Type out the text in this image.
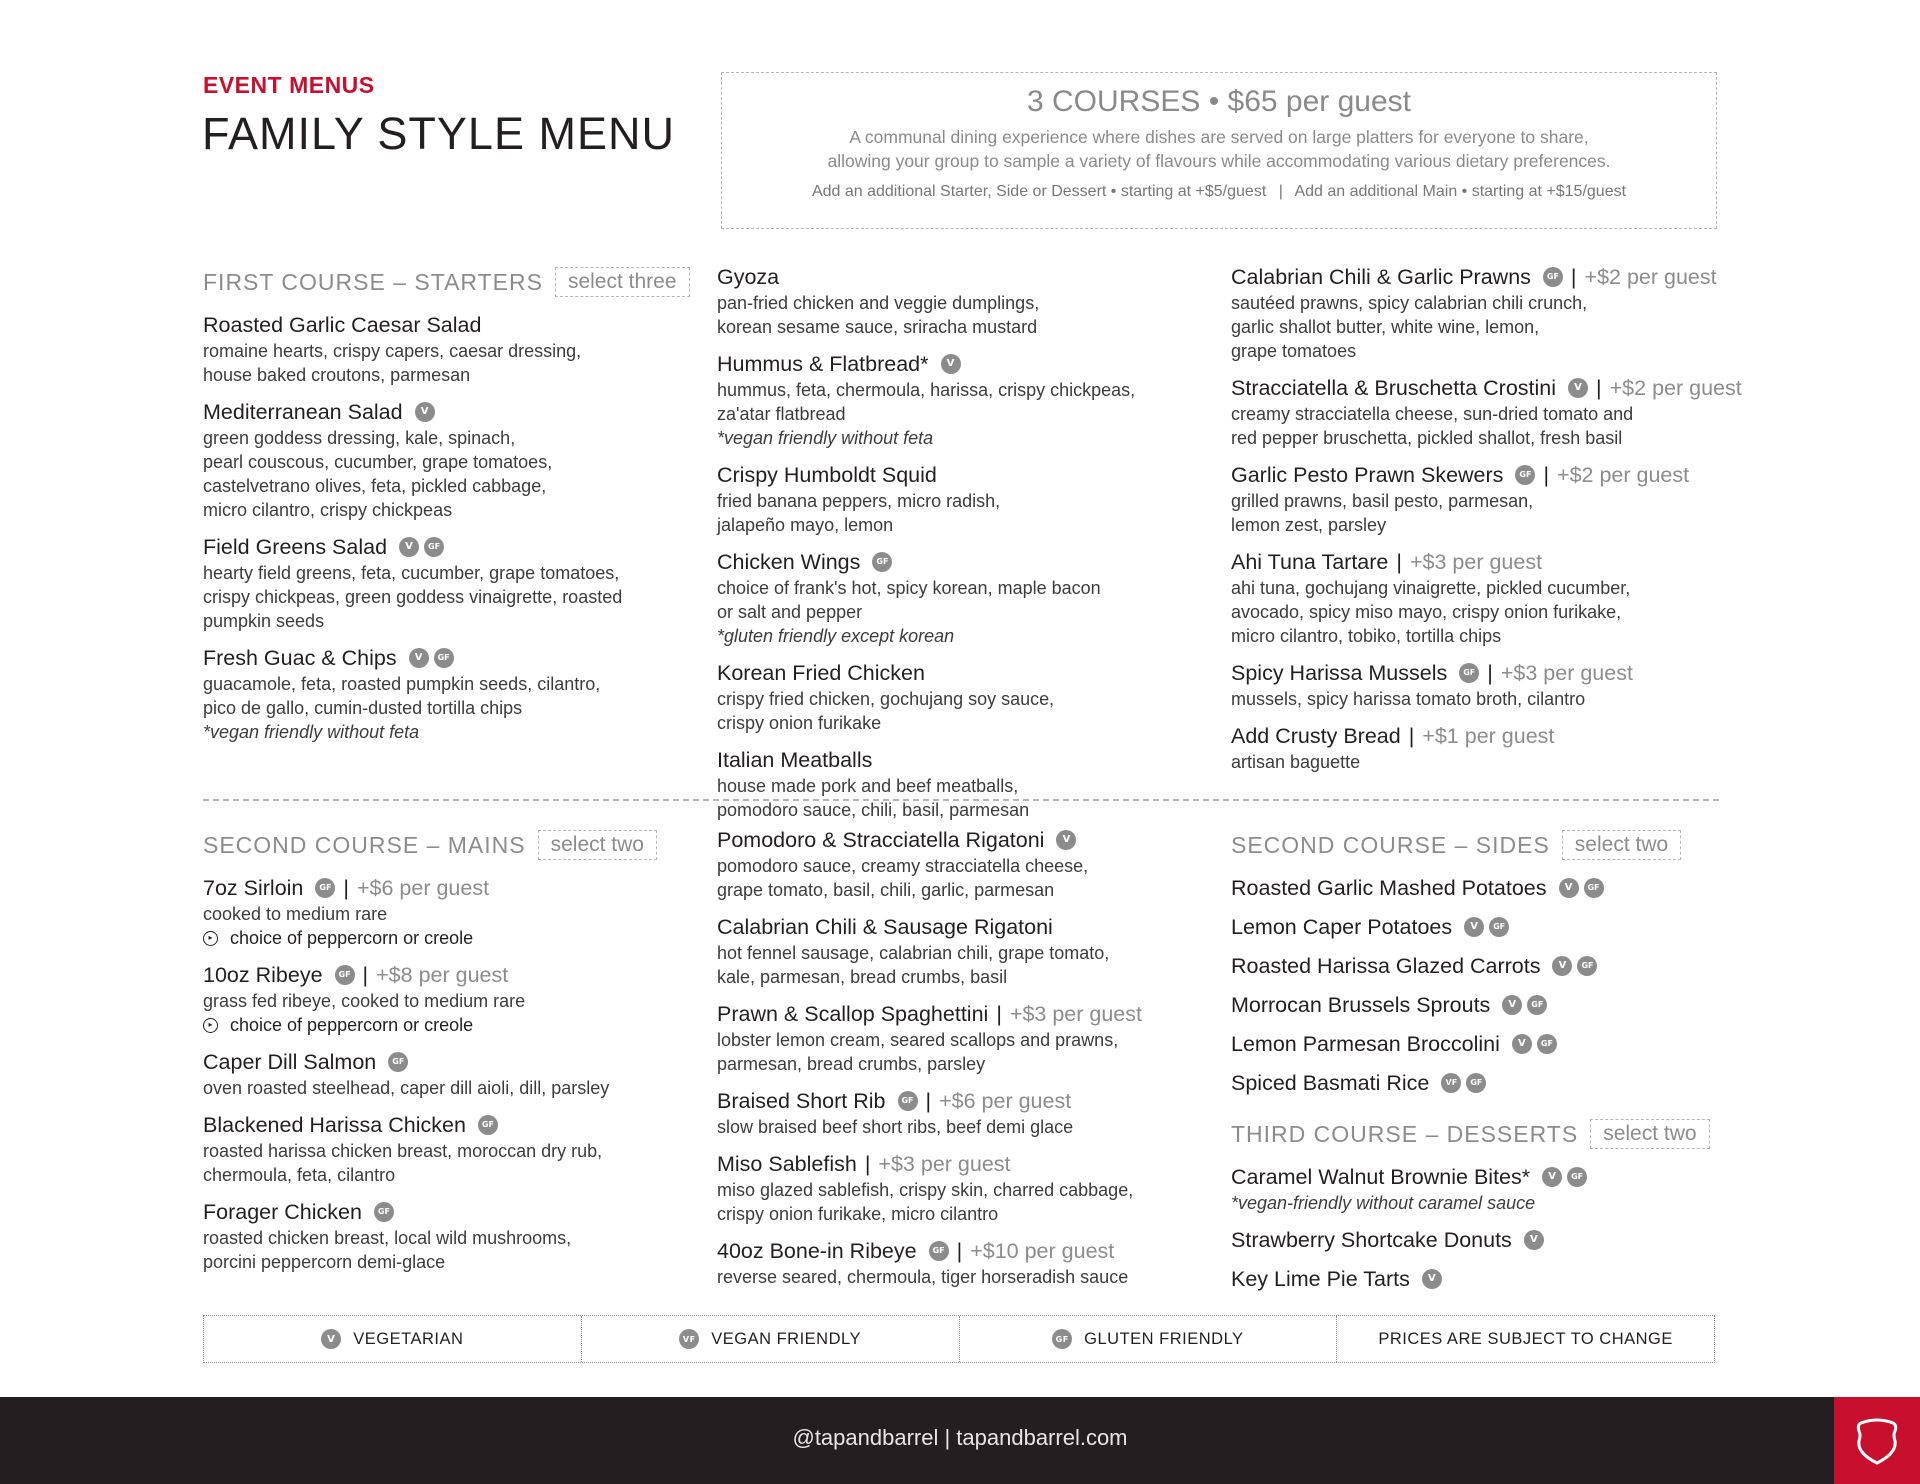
EVENT MENUS
FAMILY STYLE MENU
3 COURSES • $65 per guest
A communal dining experience where dishes are served on large platters for everyone to share,
allowing your group to sample a variety of flavours while accommodating various dietary preferences.
Add an additional Starter, Side or Dessert • starting at +$5/guest | Add an additional Main • starting at +$15/guest
FIRST COURSE – STARTERS	select three
Roasted Garlic Caesar Salad
romaine hearts, crispy capers, caesar dressing,
house baked croutons, parmesan
Mediterranean Salad	V
green goddess dressing, kale, spinach,
pearl couscous, cucumber, grape tomatoes,
castelvetrano olives, feta, pickled cabbage,
micro cilantro, crispy chickpeas
Field Greens Salad	V	GF
hearty field greens, feta, cucumber, grape tomatoes,
crispy chickpeas, green goddess vinaigrette, roasted
pumpkin seeds
Fresh Guac & Chips	V	GF
guacamole, feta, roasted pumpkin seeds, cilantro,
pico de gallo, cumin-dusted tortilla chips
*vegan friendly without feta
Gyoza
pan-fried chicken and veggie dumplings,
korean sesame sauce, sriracha mustard
Hummus & Flatbread*	V
hummus, feta, chermoula, harissa, crispy chickpeas,
za'atar flatbread
*vegan friendly without feta
Crispy Humboldt Squid
fried banana peppers, micro radish,
jalapeño mayo, lemon
Chicken Wings	GF
choice of frank's hot, spicy korean, maple bacon
or salt and pepper
*gluten friendly except korean
Korean Fried Chicken
crispy fried chicken, gochujang soy sauce,
crispy onion furikake
Italian Meatballs
house made pork and beef meatballs,
pomodoro sauce, chili, basil, parmesan
Calabrian Chili & Garlic Prawns	GF | +$2 per guest
sautéed prawns, spicy calabrian chili crunch,
garlic shallot butter, white wine, lemon,
grape tomatoes
Stracciatella & Bruschetta Crostini	V | +$2 per guest
creamy stracciatella cheese, sun-dried tomato and
red pepper bruschetta, pickled shallot, fresh basil
Garlic Pesto Prawn Skewers	GF | +$2 per guest
grilled prawns, basil pesto, parmesan,
lemon zest, parsley
Ahi Tuna Tartare | +$3 per guest
ahi tuna, gochujang vinaigrette, pickled cucumber,
avocado, spicy miso mayo, crispy onion furikake,
micro cilantro, tobiko, tortilla chips
Spicy Harissa Mussels	GF | +$3 per guest
mussels, spicy harissa tomato broth, cilantro
Add Crusty Bread | +$1 per guest
artisan baguette
SECOND COURSE – MAINS	select two
7oz Sirloin	GF | +$6 per guest
cooked to medium rare
▸ choice of peppercorn or creole
10oz Ribeye	GF | +$8 per guest
grass fed ribeye, cooked to medium rare
▸ choice of peppercorn or creole
Caper Dill Salmon	GF
oven roasted steelhead, caper dill aioli, dill, parsley
Blackened Harissa Chicken	GF
roasted harissa chicken breast, moroccan dry rub,
chermoula, feta, cilantro
Forager Chicken	GF
roasted chicken breast, local wild mushrooms,
porcini peppercorn demi-glace
Pomodoro & Stracciatella Rigatoni	V
pomodoro sauce, creamy stracciatella cheese,
grape tomato, basil, chili, garlic, parmesan
Calabrian Chili & Sausage Rigatoni
hot fennel sausage, calabrian chili, grape tomato,
kale, parmesan, bread crumbs, basil
Prawn & Scallop Spaghettini | +$3 per guest
lobster lemon cream, seared scallops and prawns,
parmesan, bread crumbs, parsley
Braised Short Rib	GF | +$6 per guest
slow braised beef short ribs, beef demi glace
Miso Sablefish | +$3 per guest
miso glazed sablefish, crispy skin, charred cabbage,
crispy onion furikake, micro cilantro
40oz Bone-in Ribeye	GF | +$10 per guest
reverse seared, chermoula, tiger horseradish sauce
SECOND COURSE – SIDES	select two
Roasted Garlic Mashed Potatoes	V	GF
Lemon Caper Potatoes	V	GF
Roasted Harissa Glazed Carrots	V	GF
Morrocan Brussels Sprouts	V	GF
Lemon Parmesan Broccolini	V	GF
Spiced Basmati Rice	VF	GF
THIRD COURSE – DESSERTS	select two
Caramel Walnut Brownie Bites*	V	GF
*vegan-friendly without caramel sauce
Strawberry Shortcake Donuts	V
Key Lime Pie Tarts	V
V	VEGETARIAN	VF VEGAN FRIENDLY	GF GLUTEN FRIENDLY	PRICES ARE SUBJECT TO CHANGE
@tapandbarrel | tapandbarrel.com
